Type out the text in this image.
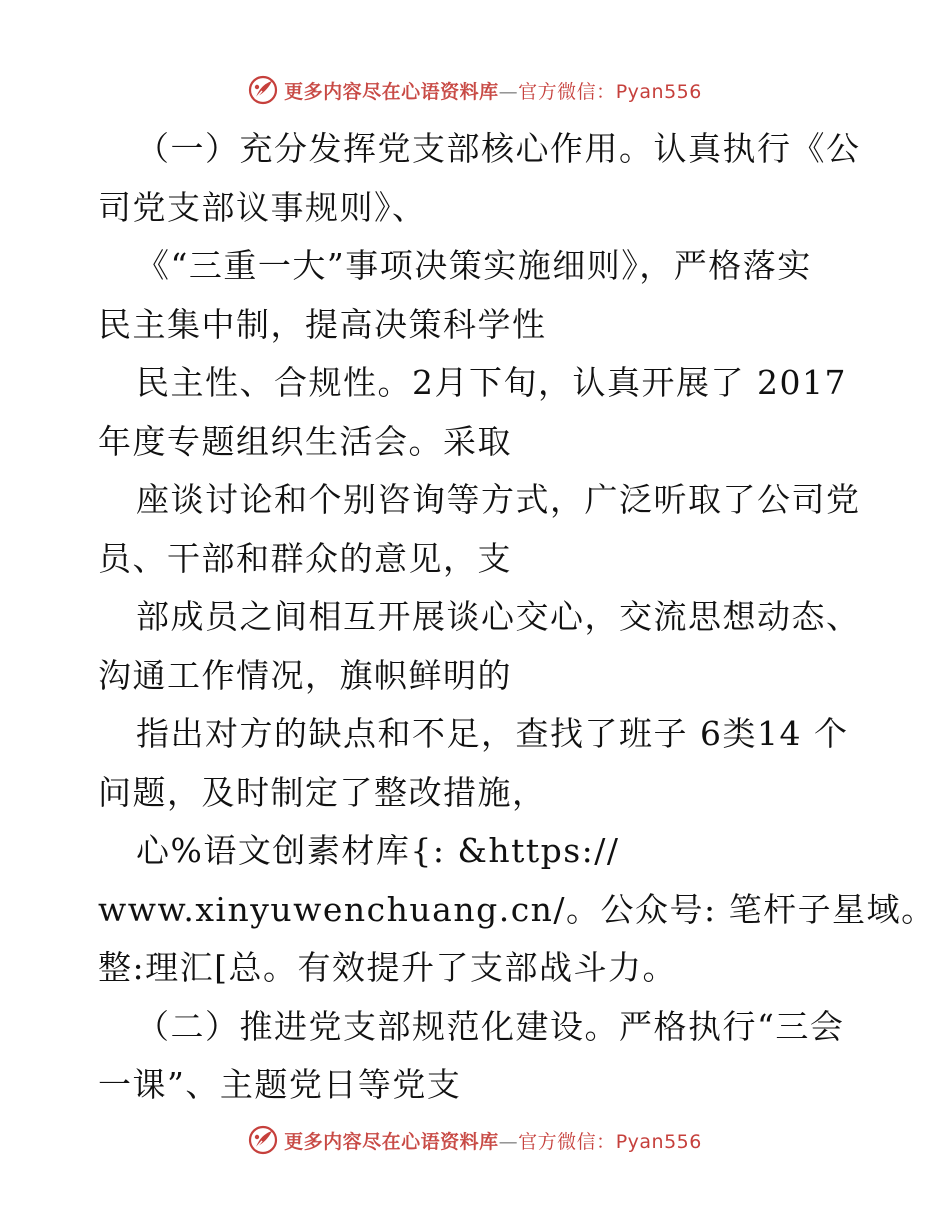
更多内容尽在心语资料库—官方微信：Pyan556

（一）充分发挥党支部核心作用。认真执行《公
司党支部议事规则》、

《“三重一大”事项决策实施细则》，严格落实
民主集中制，提高决策科学性

民主性、合规性。2月下旬，认真开展了 2017
年度专题组织生活会。采取

座谈讨论和个别咨询等方式，广泛听取了公司党
员、干部和群众的意见，支

部成员之间相互开展谈心交心，交流思想动态、
沟通工作情况，旗帜鲜明的

指出对方的缺点和不足，查找了班子 6类14 个
问题，及时制定了整改措施，

心%语文创素材库{: &https://
www.xinyuwenchuang.cn/。公众号: 笔杆子星域。
整:理汇[总。有效提升了支部战斗力。

（二）推进党支部规范化建设。严格执行“三会
一课”、主题党日等党支

更多内容尽在心语资料库—官方微信：Pyan556
